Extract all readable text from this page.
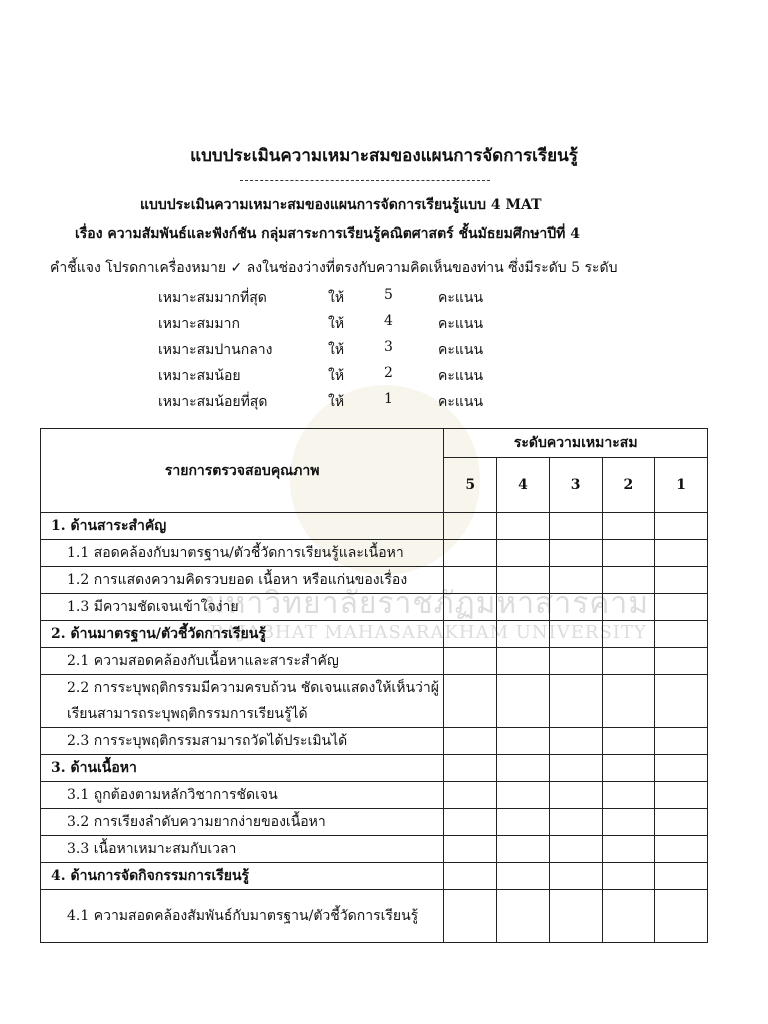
มหาวิทยาลัยราชภัฏมหาสารคาม
RAJABHAT MAHASARAKHAM UNIVERSITY
แบบประเมินความเหมาะสมของแผนการจัดการเรียนรู้
แบบประเมินความเหมาะสมของแผนการจัดการเรียนรู้แบบ 4 MAT
เรื่อง ความสัมพันธ์และฟังก์ชัน กลุ่มสาระการเรียนรู้คณิตศาสตร์ ชั้นมัธยมศึกษาปีที่ 4
คำชี้แจง โปรดกาเครื่องหมาย ✓ ลงในช่องว่างที่ตรงกับความคิดเห็นของท่าน ซึ่งมีระดับ 5 ระดับ
เหมาะสมมากที่สุด	ให้	5	คะแนน
เหมาะสมมาก	ให้	4	คะแนน
เหมาะสมปานกลาง	ให้	3	คะแนน
เหมาะสมน้อย	ให้	2	คะแนน
เหมาะสมน้อยที่สุด	ให้	1	คะแนน
รายการตรวจสอบคุณภาพ	ระดับความเหมาะสม				
	5	4	3	2	1
1. ด้านสาระสำคัญ					
1.1 สอดคล้องกับมาตรฐาน/ตัวชี้วัดการเรียนรู้และเนื้อหา					
1.2 การแสดงความคิดรวบยอด เนื้อหา หรือแก่นของเรื่อง					
1.3 มีความชัดเจนเข้าใจง่าย					
2. ด้านมาตรฐาน/ตัวชี้วัดการเรียนรู้					
2.1 ความสอดคล้องกับเนื้อหาและสาระสำคัญ					
2.2 การระบุพฤติกรรมมีความครบถ้วน ชัดเจนแสดงให้เห็นว่าผู้เรียนสามารถระบุพฤติกรรมการเรียนรู้ได้					
2.3 การระบุพฤติกรรมสามารถวัดได้ประเมินได้					
3. ด้านเนื้อหา					
3.1 ถูกต้องตามหลักวิชาการชัดเจน					
3.2 การเรียงลำดับความยากง่ายของเนื้อหา					
3.3 เนื้อหาเหมาะสมกับเวลา					
4. ด้านการจัดกิจกรรมการเรียนรู้					
4.1 ความสอดคล้องสัมพันธ์กับมาตรฐาน/ตัวชี้วัดการเรียนรู้					
